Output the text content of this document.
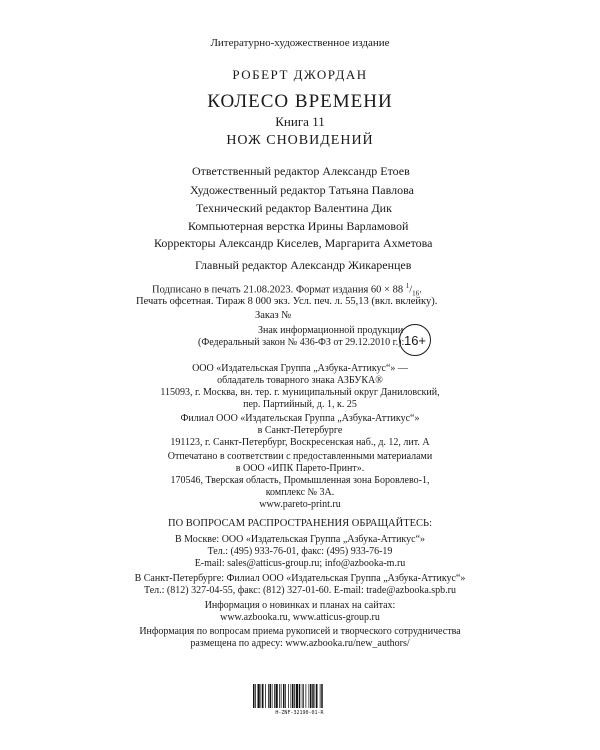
Литературно-художественное издание
РОБЕРТ ДЖОРДАН
КОЛЕСО ВРЕМЕНИ
Книга 11
НОЖ СНОВИДЕНИЙ
Ответственный редактор Александр Етоев
Художественный редактор Татьяна Павлова
Технический редактор Валентина Дик
Компьютерная верстка Ирины Варламовой
Корректоры Александр Киселев, Маргарита Ахметова
Главный редактор Александр Жикаренцев
Подписано в печать 21.08.2023. Формат издания 60 × 88 $^1/_{16}$.
Печать офсетная. Тираж 8 000 экз. Усл. печ. л. 55,13 (вкл. вклейку).
Заказ №
Знак информационной продукции
(Федеральный закон № 436-ФЗ от 29.12.2010 г.): 16+
ООО «Издательская Группа „Азбука-Аттикус“» —
обладатель товарного знака АЗБУКА®
115093, г. Москва, вн. тер. г. муниципальный округ Даниловский,
пер. Партийный, д. 1, к. 25
Филиал ООО «Издательская Группа „Азбука-Аттикус“»
в Санкт-Петербурге
191123, г. Санкт-Петербург, Воскресенская наб., д. 12, лит. А
Отпечатано в соответствии с предоставленными материалами
в ООО «ИПК Парето-Принт».
170546, Тверская область, Промышленная зона Боровлево-1,
комплекс № 3А.
www.pareto-print.ru
ПО ВОПРОСАМ РАСПРОСТРАНЕНИЯ ОБРАЩАЙТЕСЬ:
В Москве: ООО «Издательская Группа „Азбука-Аттикус“»
Тел.: (495) 933-76-01, факс: (495) 933-76-19
E-mail: sales@atticus-group.ru; info@azbooka-m.ru
В Санкт-Петербурге: Филиал ООО «Издательская Группа „Азбука-Аттикус“»
Тел.: (812) 327-04-55, факс: (812) 327-01-60. E-mail: trade@azbooka.spb.ru
Информация о новинках и планах на сайтах:
www.azbooka.ru, www.atticus-group.ru
Информация по вопросам приема рукописей и творческого сотрудничества
размещена по адресу: www.azbooka.ru/new_authors/
Н-ZNF-32190-01-R
